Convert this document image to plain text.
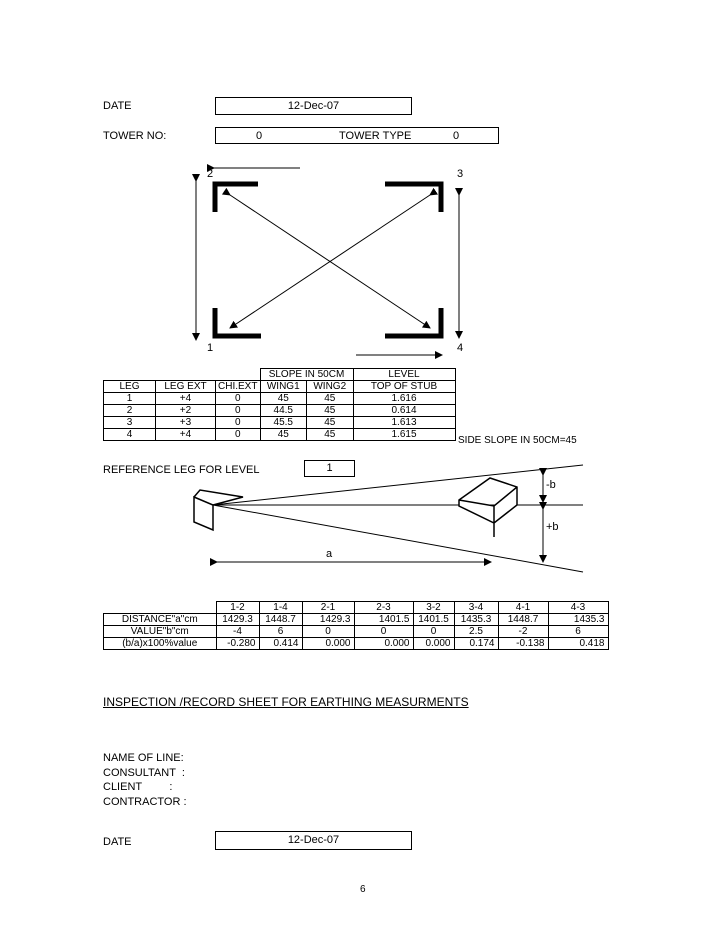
DATE	12-Dec-07
TOWER NO:	0	TOWER TYPE	0
2	3
1	4
			SLOPE IN 50CM		LEVEL
LEG	LEG EXT	CHI.EXT	WING1	WING2	TOP OF STUB
1	+4	0	45	45	1.616
2	+2	0	44.5	45	0.614
3	+3	0	45.5	45	1.613
4	+4	0	45	45	1.615
SIDE SLOPE IN 50CM=45
REFERENCE LEG FOR LEVEL	1
-b
+b
a
	1-2	1-4	2-1	2-3	3-2	3-4	4-1	4-3
DISTANCE"a"cm	1429.3	1448.7	1429.3	1401.5	1401.5	1435.3	1448.7	1435.3
VALUE"b"cm	-4	6	0	0	0	2.5	-2	6
(b/a)x100%value	-0.280	0.414	0.000	0.000	0.000	0.174	-0.138	0.418
INSPECTION /RECORD SHEET FOR EARTHING MEASURMENTS
NAME OF LINE:
CONSULTANT  :
CLIENT         :
CONTRACTOR :
DATE	12-Dec-07
6
